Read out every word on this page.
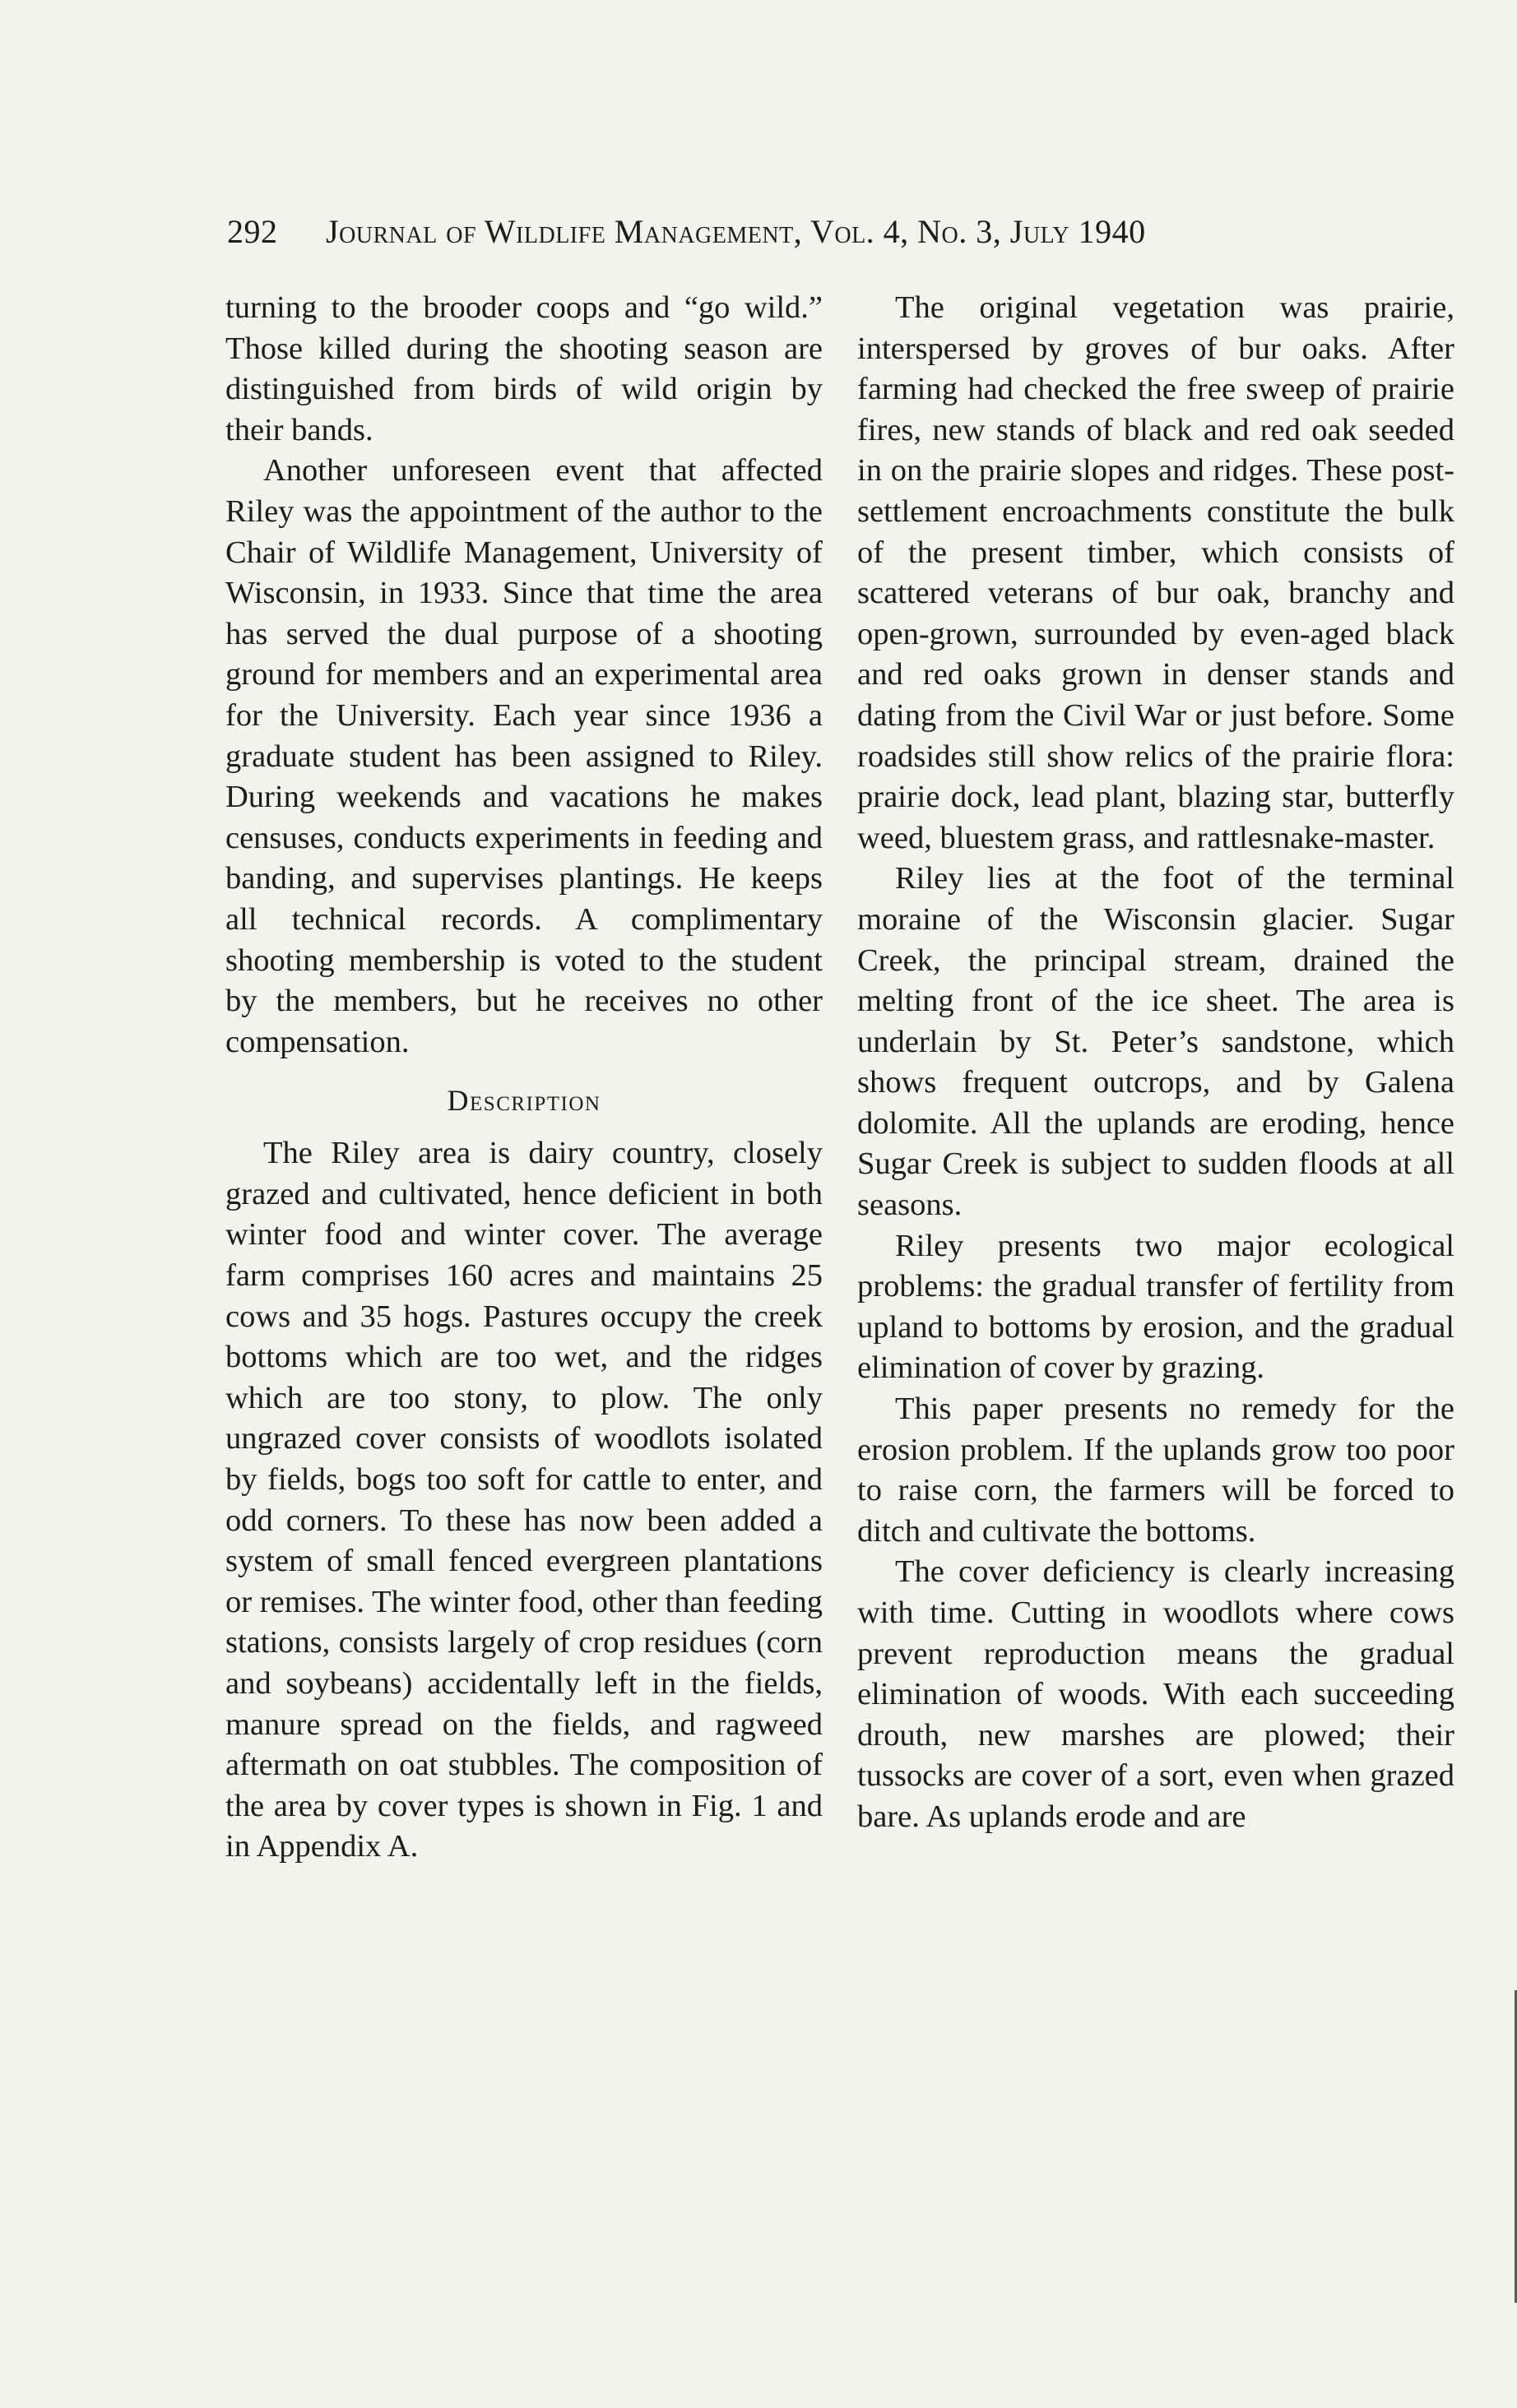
292 Journal of Wildlife Management, Vol. 4, No. 3, July 1940

turning to the brooder coops and “go wild.” Those killed during the shooting season are distinguished from birds of wild origin by their bands.

Another unforeseen event that affected Riley was the appointment of the author to the Chair of Wildlife Management, University of Wisconsin, in 1933. Since that time the area has served the dual purpose of a shooting ground for members and an experimental area for the University. Each year since 1936 a graduate student has been assigned to Riley. During weekends and vacations he makes censuses, conducts experiments in feeding and banding, and supervises plantings. He keeps all technical records. A complimentary shooting membership is voted to the student by the members, but he receives no other compensation.

Description

The Riley area is dairy country, closely grazed and cultivated, hence deficient in both winter food and winter cover. The average farm comprises 160 acres and maintains 25 cows and 35 hogs. Pastures occupy the creek bottoms which are too wet, and the ridges which are too stony, to plow. The only ungrazed cover consists of woodlots isolated by fields, bogs too soft for cattle to enter, and odd corners. To these has now been added a system of small fenced evergreen plantations or remises. The winter food, other than feeding stations, consists largely of crop residues (corn and soybeans) accidentally left in the fields, manure spread on the fields, and ragweed aftermath on oat stubbles. The composition of the area by cover types is shown in Fig. 1 and in Appendix A.

The original vegetation was prairie, interspersed by groves of bur oaks. After farming had checked the free sweep of prairie fires, new stands of black and red oak seeded in on the prairie slopes and ridges. These post-settlement encroachments constitute the bulk of the present timber, which consists of scattered veterans of bur oak, branchy and open-grown, surrounded by even-aged black and red oaks grown in denser stands and dating from the Civil War or just before. Some roadsides still show relics of the prairie flora: prairie dock, lead plant, blazing star, butterfly weed, bluestem grass, and rattlesnake-master.

Riley lies at the foot of the terminal moraine of the Wisconsin glacier. Sugar Creek, the principal stream, drained the melting front of the ice sheet. The area is underlain by St. Peter’s sandstone, which shows frequent outcrops, and by Galena dolomite. All the uplands are eroding, hence Sugar Creek is subject to sudden floods at all seasons.

Riley presents two major ecological problems: the gradual transfer of fertility from upland to bottoms by erosion, and the gradual elimination of cover by grazing.

This paper presents no remedy for the erosion problem. If the uplands grow too poor to raise corn, the farmers will be forced to ditch and cultivate the bottoms.

The cover deficiency is clearly increasing with time. Cutting in woodlots where cows prevent reproduction means the gradual elimination of woods. With each succeeding drouth, new marshes are plowed; their tussocks are cover of a sort, even when grazed bare. As uplands erode and are
